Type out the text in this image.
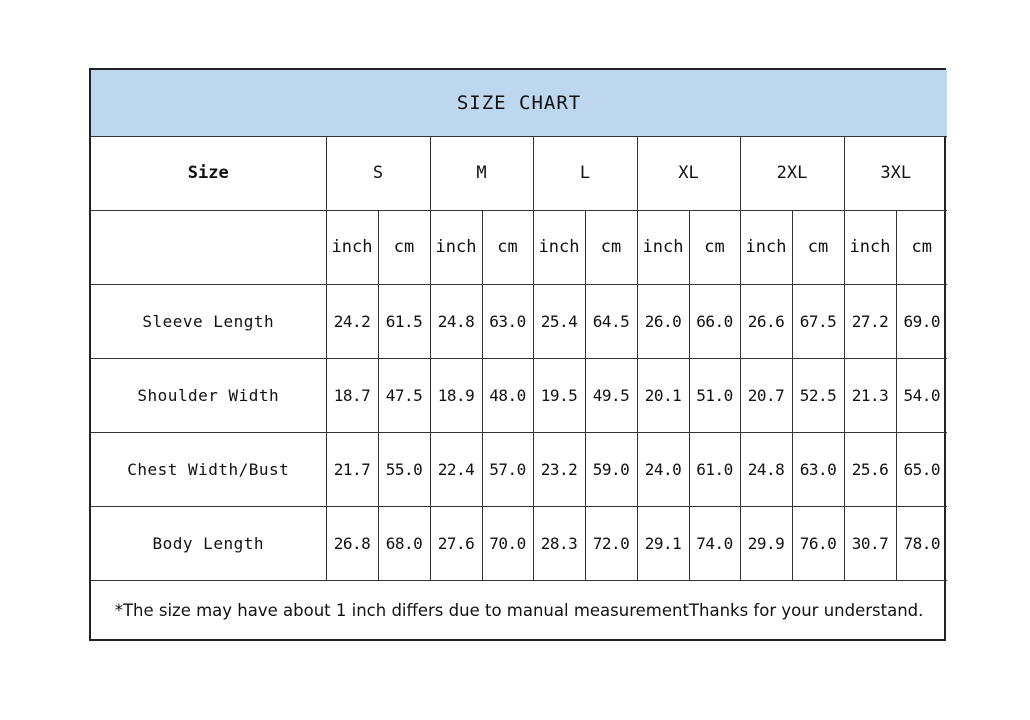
SIZE CHART												
Size	S		M		L		XL		2XL		3XL	
	inch	cm	inch	cm	inch	cm	inch	cm	inch	cm	inch	cm
Sleeve Length	24.2	61.5	24.8	63.0	25.4	64.5	26.0	66.0	26.6	67.5	27.2	69.0
Shoulder Width	18.7	47.5	18.9	48.0	19.5	49.5	20.1	51.0	20.7	52.5	21.3	54.0
Chest Width/Bust	21.7	55.0	22.4	57.0	23.2	59.0	24.0	61.0	24.8	63.0	25.6	65.0
Body Length	26.8	68.0	27.6	70.0	28.3	72.0	29.1	74.0	29.9	76.0	30.7	78.0
*The size may have about 1 inch differs due to manual measurementThanks for your understand.												
